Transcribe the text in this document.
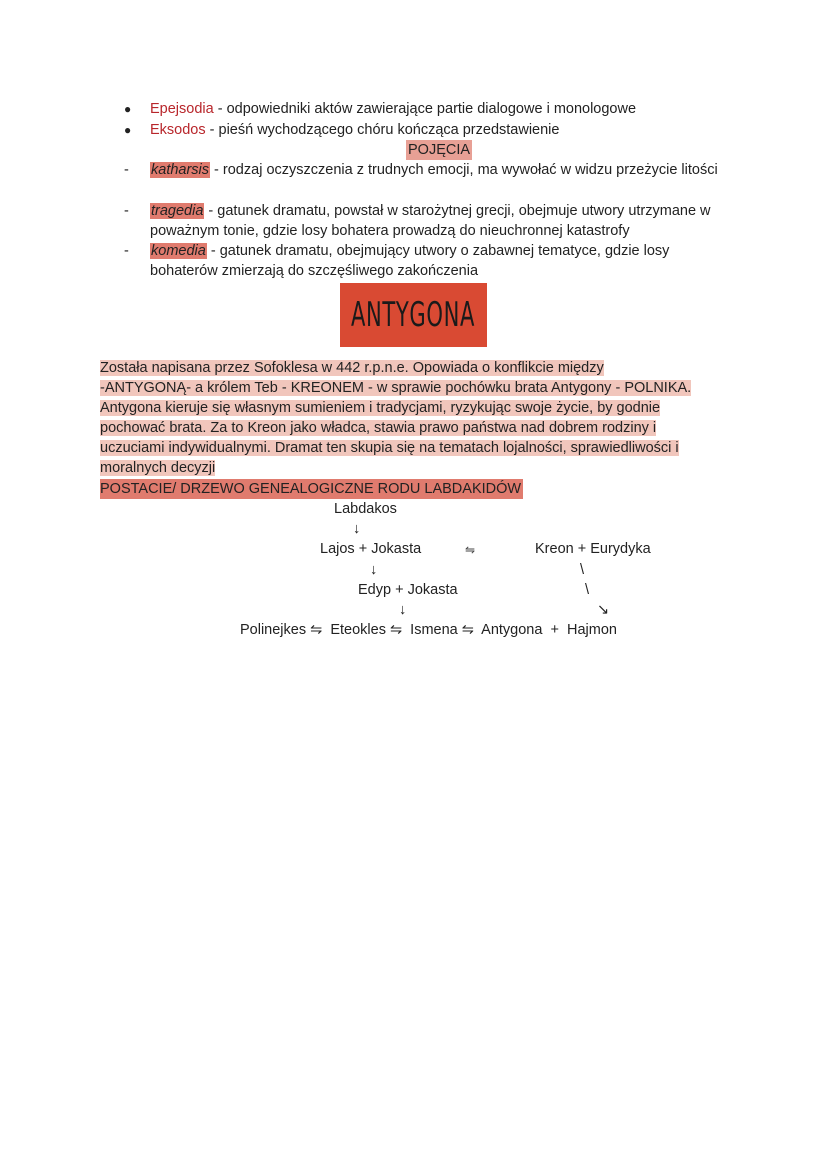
● Epejsodia - odpowiedniki aktów zawierające partie dialogowe i monologowe
● Eksodos - pieśń wychodzącego chóru kończąca przedstawienie
POJĘCIA
- katharsis - rodzaj oczyszczenia z trudnych emocji, ma wywołać w widzu przeżycie litości
- tragedia - gatunek dramatu, powstał w starożytnej grecji, obejmuje utwory utrzymane w poważnym tonie, gdzie losy bohatera prowadzą do nieuchronnej katastrofy
- komedia - gatunek dramatu, obejmujący utwory o zabawnej tematyce, gdzie losy bohaterów zmierzają do szczęśliwego zakończenia
ANTYGONA
Została napisana przez Sofoklesa w 442 r.p.n.e. Opowiada o konflikcie między
-ANTYGONĄ- a królem Teb - KREONEM - w sprawie pochówku brata Antygony - POLNIKA.
Antygona kieruje się własnym sumieniem i tradycjami, ryzykując swoje życie, by godnie
pochować brata. Za to Kreon jako władca, stawia prawo państwa nad dobrem rodziny i
uczuciami indywidualnymi. Dramat ten skupia się na tematach lojalności, sprawiedliwości i
moralnych decyzji
POSTACIE/ DRZEWO GENEALOGICZNE RODU LABDAKIDÓW
Labdakos
↓
Lajos + Jokasta	⇋	Kreon + Eurydyka
↓	\
Edyp + Jokasta	\
↓	↘
Polinejkes ⇋  Eteokles ⇋  Ismena ⇋  Antygona  +  Hajmon
